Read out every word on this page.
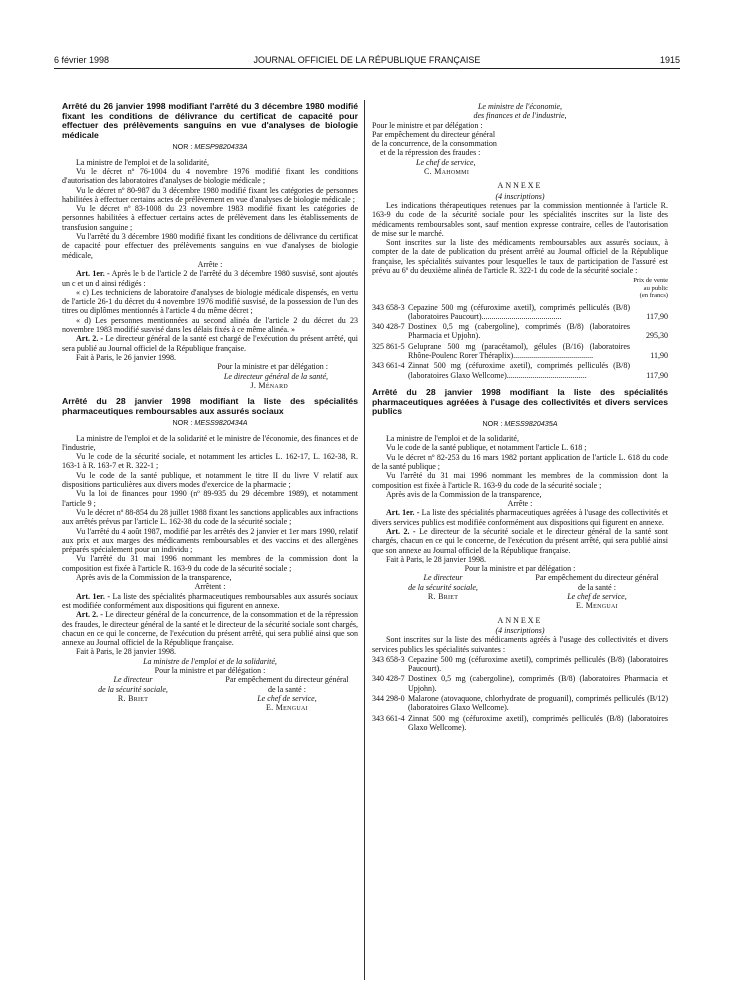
6 février 1998	JOURNAL OFFICIEL DE LA RÉPUBLIQUE FRANÇAISE	1915

Arrêté du 26 janvier 1998 modifiant l'arrêté du 3 décembre 1980 modifié fixant les conditions de délivrance du certificat de capacité pour effectuer des prélèvements sanguins en vue d'analyses de biologie médicale

NOR : MESP9820433A

La ministre de l'emploi et de la solidarité,

Vu le décret nº 76-1004 du 4 novembre 1976 modifié fixant les conditions d'autorisation des laboratoires d'analyses de biologie médicale ;

Vu le décret nº 80-987 du 3 décembre 1980 modifié fixant les catégories de personnes habilitées à effectuer certains actes de prélèvement en vue d'analyses de biologie médicale ;

Vu le décret nº 83-1008 du 23 novembre 1983 modifié fixant les catégories de personnes habilitées à effectuer certains actes de prélèvement dans les établissements de transfusion sanguine ;

Vu l'arrêté du 3 décembre 1980 modifié fixant les conditions de délivrance du certificat de capacité pour effectuer des prélèvements sanguins en vue d'analyses de biologie médicale,

Arrête :

Art. 1er. - Après le b de l'article 2 de l'arrêté du 3 décembre 1980 susvisé, sont ajoutés un c et un d ainsi rédigés :

« c) Les techniciens de laboratoire d'analyses de biologie médicale dispensés, en vertu de l'article 26-1 du décret du 4 novembre 1976 modifié susvisé, de la possession de l'un des titres ou diplômes mentionnés à l'article 4 du même décret ;

« d) Les personnes mentionnées au second alinéa de l'article 2 du décret du 23 novembre 1983 modifié susvisé dans les délais fixés à ce même alinéa. »

Art. 2. - Le directeur général de la santé est chargé de l'exécution du présent arrêté, qui sera publié au Journal officiel de la République française.

Fait à Paris, le 26 janvier 1998.

Pour la ministre et par délégation :

Le directeur général de la santé,

J. Ménard

Arrêté du 28 janvier 1998 modifiant la liste des spécialités pharmaceutiques remboursables aux assurés sociaux

NOR : MESS9820434A

La ministre de l'emploi et de la solidarité et le ministre de l'économie, des finances et de l'industrie,

Vu le code de la sécurité sociale, et notamment les articles L. 162-17, L. 162-38, R. 163-1 à R. 163-7 et R. 322-1 ;

Vu le code de la santé publique, et notamment le titre II du livre V relatif aux dispositions particulières aux divers modes d'exercice de la pharmacie ;

Vu la loi de finances pour 1990 (nº 89-935 du 29 décembre 1989), et notamment l'article 9 ;

Vu le décret nº 88-854 du 28 juillet 1988 fixant les sanctions applicables aux infractions aux arrêtés prévus par l'article L. 162-38 du code de la sécurité sociale ;

Vu l'arrêté du 4 août 1987, modifié par les arrêtés des 2 janvier et 1er mars 1990, relatif aux prix et aux marges des médicaments remboursables et des vaccins et des allergènes préparés spécialement pour un individu ;

Vu l'arrêté du 31 mai 1996 nommant les membres de la commission dont la composition est fixée à l'article R. 163-9 du code de la sécurité sociale ;

Après avis de la Commission de la transparence,

Arrêtent :

Art. 1er. - La liste des spécialités pharmaceutiques remboursables aux assurés sociaux est modifiée conformément aux dispositions qui figurent en annexe.

Art. 2. - Le directeur général de la concurrence, de la consommation et de la répression des fraudes, le directeur général de la santé et le directeur de la sécurité sociale sont chargés, chacun en ce qui le concerne, de l'exécution du présent arrêté, qui sera publié ainsi que son annexe au Journal officiel de la République française.

Fait à Paris, le 28 janvier 1998.

La ministre de l'emploi et de la solidarité,

Pour la ministre et par délégation :

Le directeur
de la sécurité sociale,
R. Briet
Par empêchement du directeur général
de la santé :
Le chef de service,
E. Menguai

Le ministre de l'économie,

des finances et de l'industrie,

Pour le ministre et par délégation :

Par empêchement du directeur général

de la concurrence, de la consommation

et de la répression des fraudes :

Le chef de service,

C. Mahommi

ANNEXE

(4 inscriptions)

Les indications thérapeutiques retenues par la commission mentionnée à l'article R. 163-9 du code de la sécurité sociale pour les spécialités inscrites sur la liste des médicaments remboursables sont, sauf mention expresse contraire, celles de l'autorisation de mise sur le marché.

Sont inscrites sur la liste des médicaments remboursables aux assurés sociaux, à compter de la date de publication du présent arrêté au Journal officiel de la République française, les spécialités suivantes pour lesquelles le taux de participation de l'assuré est prévu au 6º du deuxième alinéa de l'article R. 322-1 du code de la sécurité sociale :

Prix de vente
au public
(en francs)
343 658-3 Cepazine 500 mg (céfuroxime axetil), comprimés pelliculés (B/8) (laboratoires Paucourt)........................................	117,90
340 428-7 Dostinex 0,5 mg (cabergoline), comprimés (B/8) (laboratoires Pharmacia et Upjohn).	295,30
325 861-5 Geluprane 500 mg (paracétamol), gélules (B/16) (laboratoires Rhône-Poulenc Rorer Théraplix)........................................	11,90
343 661-4 Zinnat 500 mg (céfuroxime axetil), comprimés pelliculés (B/8) (laboratoires Glaxo Wellcome)........................................	117,90

Arrêté du 28 janvier 1998 modifiant la liste des spécialités pharmaceutiques agréées à l'usage des collectivités et divers services publics

NOR : MESS9820435A

La ministre de l'emploi et de la solidarité,

Vu le code de la santé publique, et notamment l'article L. 618 ;

Vu le décret nº 82-253 du 16 mars 1982 portant application de l'article L. 618 du code de la santé publique ;

Vu l'arrêté du 31 mai 1996 nommant les membres de la commission dont la composition est fixée à l'article R. 163-9 du code de la sécurité sociale ;

Après avis de la Commission de la transparence,

Arrête :

Art. 1er. - La liste des spécialités pharmaceutiques agréées à l'usage des collectivités et divers services publics est modifiée conformément aux dispositions qui figurent en annexe.

Art. 2. - Le directeur de la sécurité sociale et le directeur général de la santé sont chargés, chacun en ce qui le concerne, de l'exécution du présent arrêté, qui sera publié ainsi que son annexe au Journal officiel de la République française.

Fait à Paris, le 28 janvier 1998.

Pour la ministre et par délégation :

Le directeur
de la sécurité sociale,
R. Briet
Par empêchement du directeur général
de la santé :
Le chef de service,
E. Menguai
ANNEXE

(4 inscriptions)

Sont inscrites sur la liste des médicaments agréés à l'usage des collectivités et divers services publics les spécialités suivantes :

343 658-3 Cepazine 500 mg (céfuroxime axetil), comprimés pelliculés (B/8) (laboratoires Paucourt).
340 428-7 Dostinex 0,5 mg (cabergoline), comprimés (B/8) (laboratoires Pharmacia et Upjohn).
344 298-0 Malarone (atovaquone, chlorhydrate de proguanil), comprimés pelliculés (B/12) (laboratoires Glaxo Wellcome).
343 661-4 Zinnat 500 mg (céfuroxime axetil), comprimés pelliculés (B/8) (laboratoires Glaxo Wellcome).
